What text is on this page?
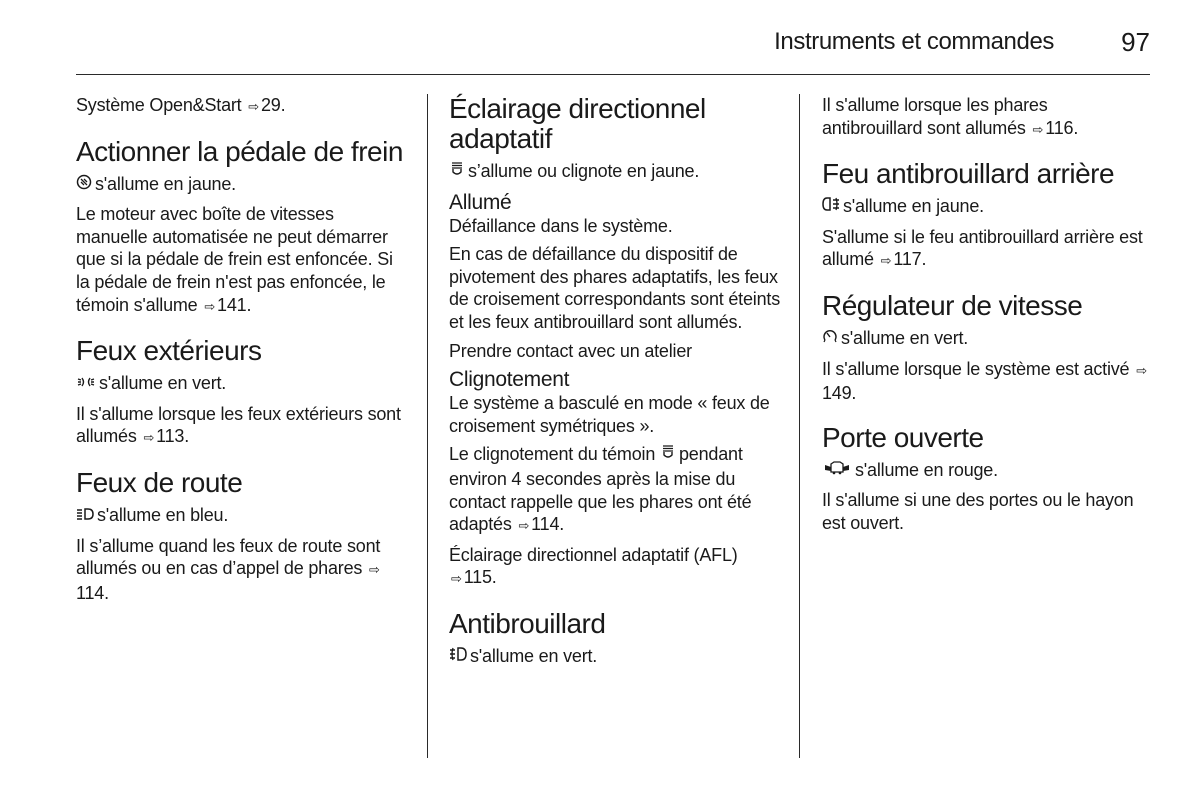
Instruments et commandes	97

Système Open&Start ⇨ 29.

Actionner la pédale de frein

s'allume en jaune.

Le moteur avec boîte de vitesses manuelle automatisée ne peut démarrer que si la pédale de frein est enfoncée. Si la pédale de frein n'est pas enfoncée, le témoin s'allume ⇨ 141.

Feux extérieurs

s'allume en vert.

Il s'allume lorsque les feux extérieurs sont allumés ⇨ 113.

Feux de route

s'allume en bleu.

Il s’allume quand les feux de route sont allumés ou en cas d’appel de phares ⇨114.

Éclairage directionnel adaptatif

s’allume ou clignote en jaune.

Allumé

Défaillance dans le système.

En cas de défaillance du dispositif de pivotement des phares adaptatifs, les feux de croisement correspondants sont éteints et les feux antibrouillard sont allumés.

Prendre contact avec un atelier

Clignotement

Le système a basculé en mode « feux de croisement symétriques ».

Le clignotement du témoin pendant environ 4 secondes après la mise du contact rappelle que les phares ont été adaptés ⇨ 114.

Éclairage directionnel adaptatif (AFL)
⇨ 115.

Antibrouillard

s'allume en vert.

Il s'allume lorsque les phares antibrouillard sont allumés ⇨ 116.

Feu antibrouillard arrière

s'allume en jaune.

S'allume si le feu antibrouillard arrière est allumé ⇨ 117.

Régulateur de vitesse

s'allume en vert.

Il s'allume lorsque le système est activé ⇨149.

Porte ouverte

s'allume en rouge.

Il s'allume si une des portes ou le hayon est ouvert.
